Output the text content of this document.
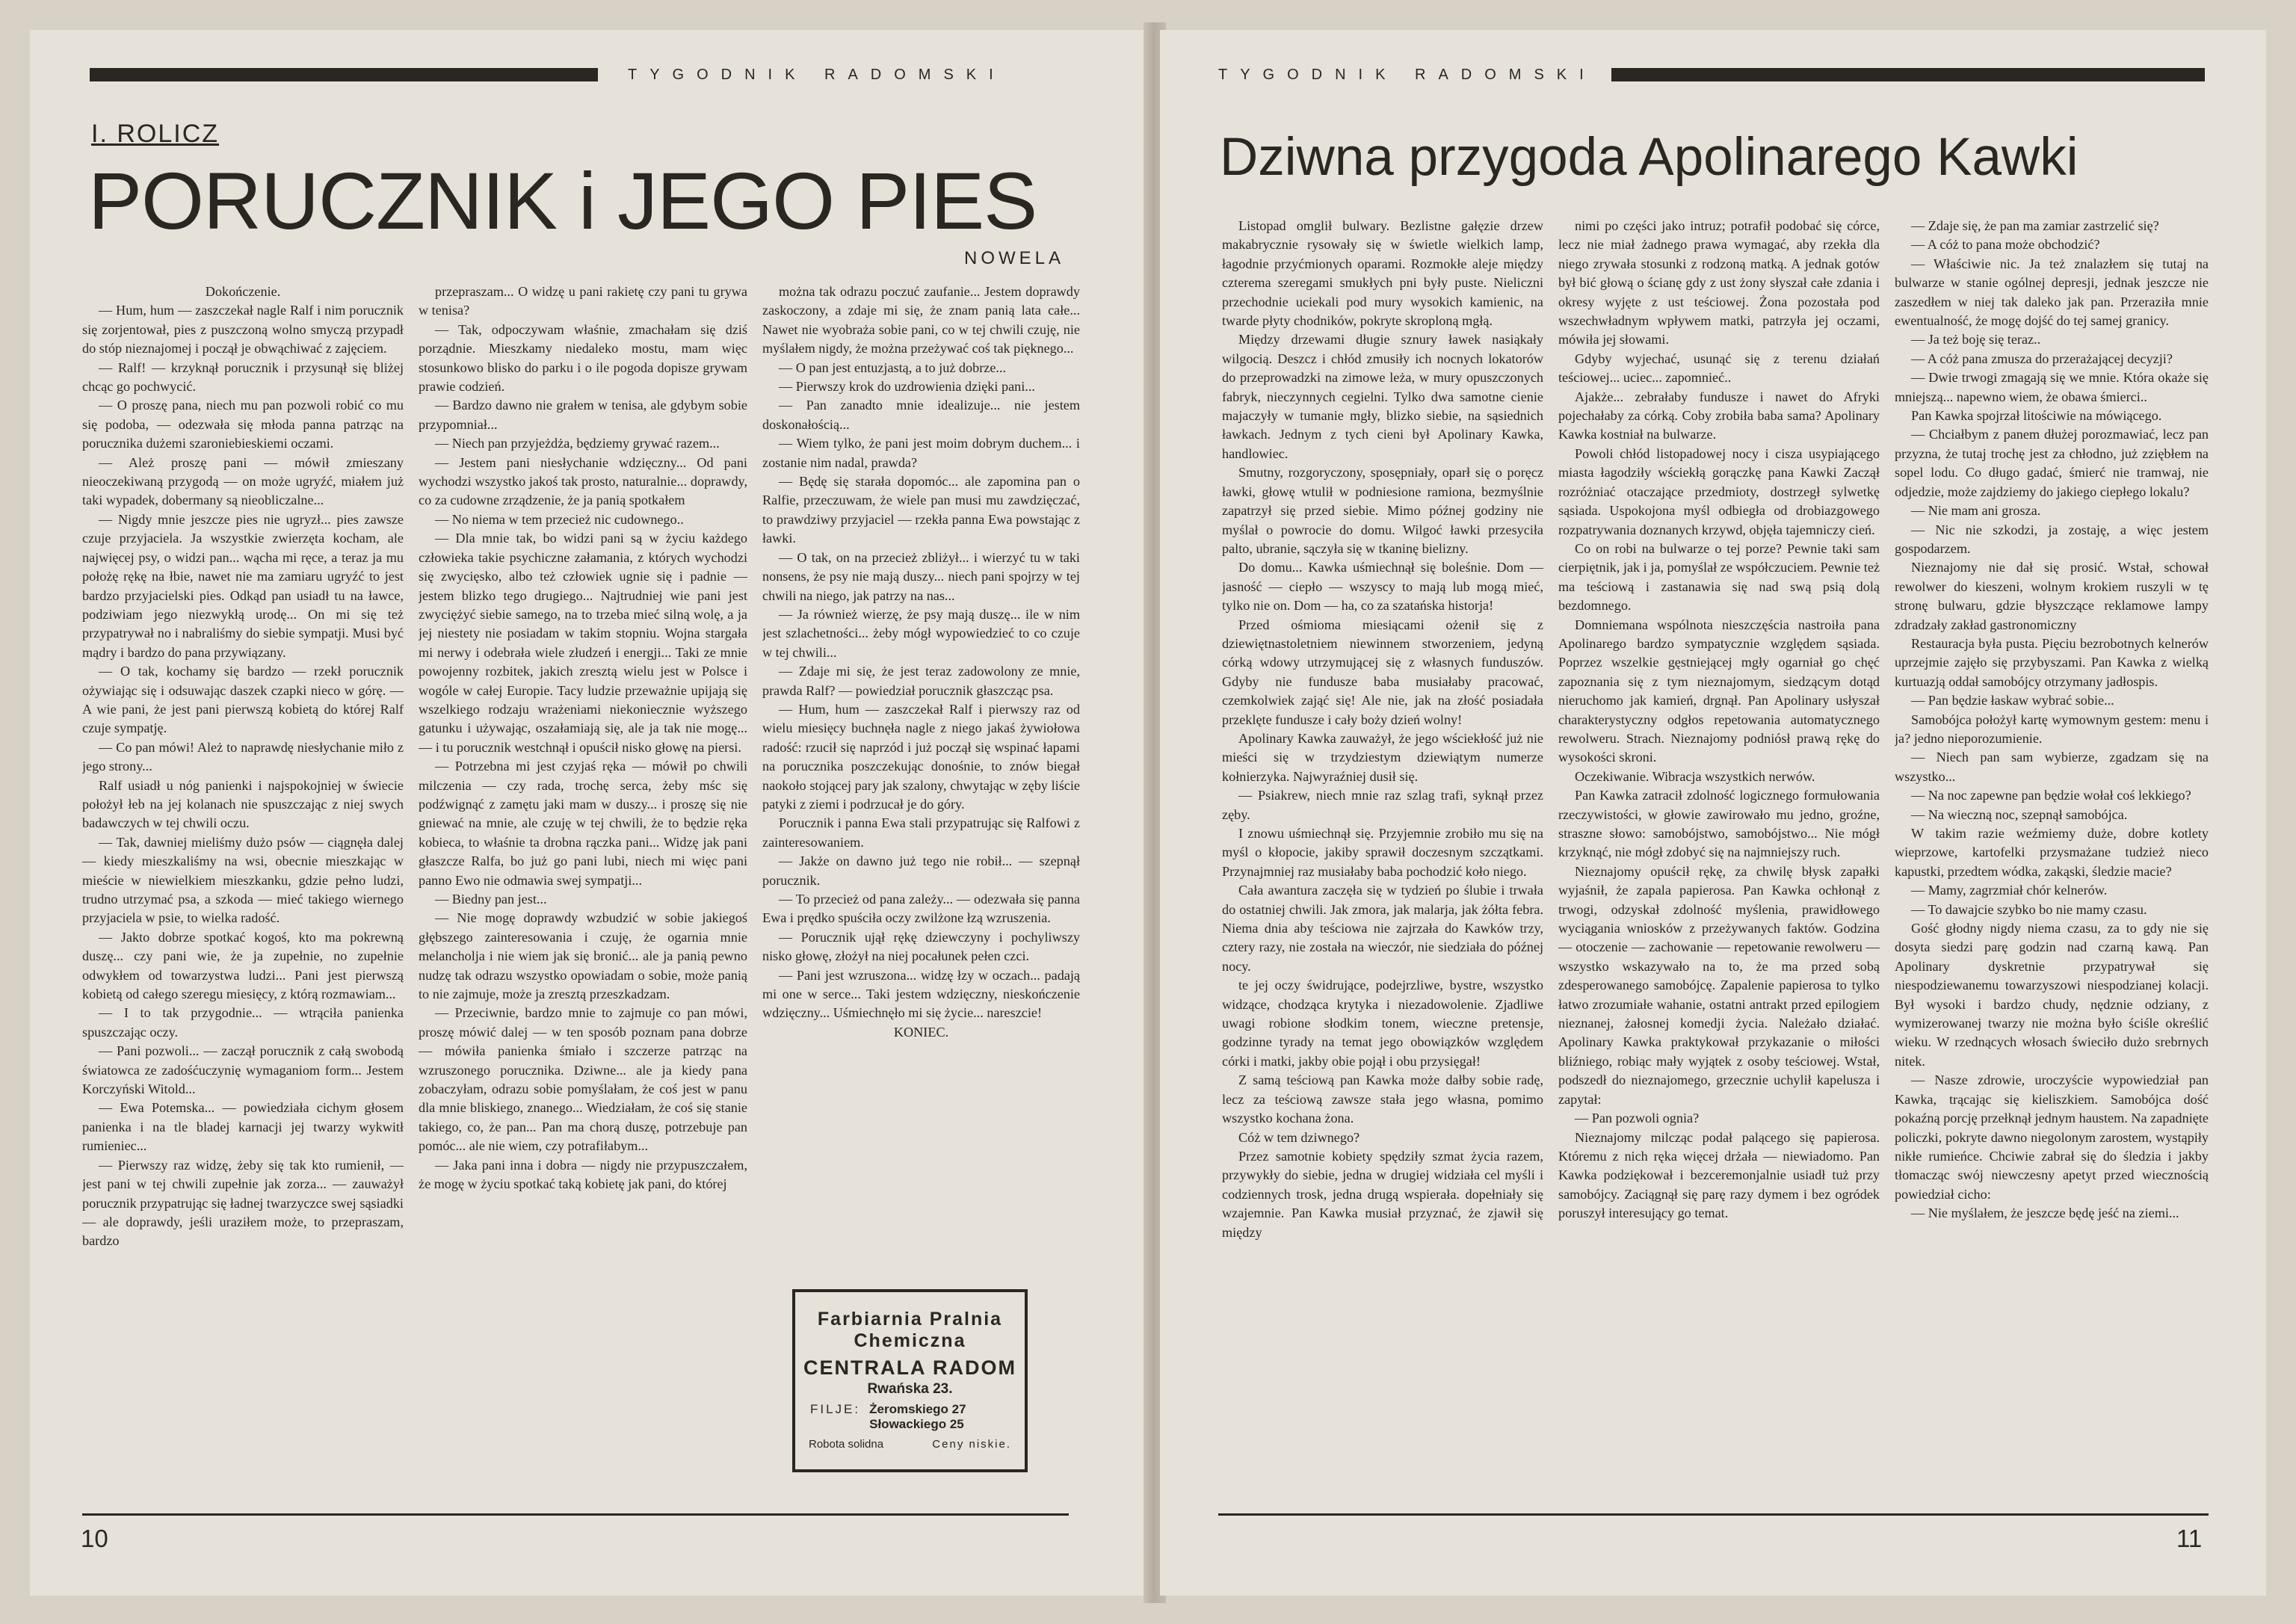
TYGODNIK RADOMSKI	TYGODNIK RADOMSKI
I. ROLICZ
PORUCZNIK i JEGO PIES
NOWELA
Dziwna przygoda Apolinarego Kawki

Dokończenie.

— Hum, hum — zaszczekał nagle Ralf i nim porucznik się zorjentował, pies z puszczoną wolno smyczą przypadł do stóp nieznajomej i począł je obwąchiwać z zajęciem.

— Ralf! — krzyknął porucznik i przysunął się bliżej chcąc go pochwycić.

— O proszę pana, niech mu pan pozwoli robić co mu się podoba, — odezwała się młoda panna patrząc na porucznika dużemi szaroniebieskiemi oczami.

— Ależ proszę pani — mówił zmieszany nieoczekiwaną przygodą — on może ugryźć, miałem już taki wypadek, dobermany są nieobliczalne...

— Nigdy mnie jeszcze pies nie ugryzł... pies zawsze czuje przyjaciela. Ja wszystkie zwierzęta kocham, ale najwięcej psy, o widzi pan... wącha mi ręce, a teraz ja mu położę rękę na łbie, nawet nie ma zamiaru ugryźć to jest bardzo przyjacielski pies. Odkąd pan usiadł tu na ławce, podziwiam jego niezwykłą urodę... On mi się też przypatrywał no i nabraliśmy do siebie sympatji. Musi być mądry i bardzo do pana przywiązany.

— O tak, kochamy się bardzo — rzekł porucznik ożywiając się i odsuwając daszek czapki nieco w górę. — A wie pani, że jest pani pierwszą kobietą do której Ralf czuje sympatję.

— Co pan mówi! Ależ to naprawdę niesłychanie miło z jego strony...

Ralf usiadł u nóg panienki i najspokojniej w świecie położył łeb na jej kolanach nie spuszczając z niej swych badawczych w tej chwili oczu.

— Tak, dawniej mieliśmy dużo psów — ciągnęła dalej — kiedy mieszkaliśmy na wsi, obecnie mieszkając w mieście w niewielkiem mieszkanku, gdzie pełno ludzi, trudno utrzymać psa, a szkoda — mieć takiego wiernego przyjaciela w psie, to wielka radość.

— Jakto dobrze spotkać kogoś, kto ma pokrewną duszę... czy pani wie, że ja zupełnie, no zupełnie odwykłem od towarzystwa ludzi... Pani jest pierwszą kobietą od całego szeregu miesięcy, z którą rozmawiam...

— I to tak przygodnie... — wtrąciła panienka spuszczając oczy.

— Pani pozwoli... — zaczął porucznik z całą swobodą światowca ze zadośćuczynię wymaganiom form... Jestem Korczyński Witold...

— Ewa Potemska... — powiedziała cichym głosem panienka i na tle bladej karnacji jej twarzy wykwitł rumieniec...

— Pierwszy raz widzę, żeby się tak kto rumienił, — jest pani w tej chwili zupełnie jak zorza... — zauważył porucznik przypatrując się ładnej twarzyczce swej sąsiadki — ale doprawdy, jeśli uraziłem może, to przepraszam, bardzo

przepraszam... O widzę u pani rakietę czy pani tu grywa w tenisa?

— Tak, odpoczywam właśnie, zmachałam się dziś porządnie. Mieszkamy niedaleko mostu, mam więc stosunkowo blisko do parku i o ile pogoda dopisze grywam prawie codzień.

— Bardzo dawno nie grałem w tenisa, ale gdybym sobie przypomniał...

— Niech pan przyjeżdża, będziemy grywać razem...

— Jestem pani niesłychanie wdzięczny... Od pani wychodzi wszystko jakoś tak prosto, naturalnie... doprawdy, co za cudowne zrządzenie, że ja panią spotkałem

— No niema w tem przecież nic cudownego..

— Dla mnie tak, bo widzi pani są w życiu każdego człowieka takie psychiczne załamania, z których wychodzi się zwycięsko, albo też człowiek ugnie się i padnie — jestem blizko tego drugiego... Najtrudniej wie pani jest zwyciężyć siebie samego, na to trzeba mieć silną wolę, a ja jej niestety nie posiadam w takim stopniu. Wojna stargała mi nerwy i odebrała wiele złudzeń i energji... Taki ze mnie powojenny rozbitek, jakich zresztą wielu jest w Polsce i wogóle w całej Europie. Tacy ludzie przeważnie upijają się wszelkiego rodzaju wrażeniami niekoniecznie wyższego gatunku i używając, oszałamiają się, ale ja tak nie mogę... — i tu porucznik westchnął i opuścił nisko głowę na piersi.

— Potrzebna mi jest czyjaś ręka — mówił po chwili milczenia — czy rada, trochę serca, żeby mśc się podźwignąć z zamętu jaki mam w duszy... i proszę się nie gniewać na mnie, ale czuję w tej chwili, że to będzie ręka kobieca, to właśnie ta drobna rączka pani... Widzę jak pani głaszcze Ralfa, bo już go pani lubi, niech mi więc pani panno Ewo nie odmawia swej sympatji...

— Biedny pan jest...

— Nie mogę doprawdy wzbudzić w sobie jakiegoś głębszego zainteresowania i czuję, że ogarnia mnie melancholja i nie wiem jak się bronić... ale ja panią pewno nudzę tak odrazu wszystko opowiadam o sobie, może panią to nie zajmuje, może ja zresztą przeszkadzam.

— Przeciwnie, bardzo mnie to zajmuje co pan mówi, proszę mówić dalej — w ten sposób poznam pana dobrze — mówiła panienka śmiało i szczerze patrząc na wzruszonego porucznika. Dziwne... ale ja kiedy pana zobaczyłam, odrazu sobie pomyślałam, że coś jest w panu dla mnie bliskiego, znanego... Wiedziałam, że coś się stanie takiego, co, że pan... Pan ma chorą duszę, potrzebuje pan pomóc... ale nie wiem, czy potrafiłabym...

— Jaka pani inna i dobra — nigdy nie przypuszczałem, że mogę w życiu spotkać taką kobietę jak pani, do której

można tak odrazu poczuć zaufanie... Jestem doprawdy zaskoczony, a zdaje mi się, że znam panią lata całe... Nawet nie wyobraża sobie pani, co w tej chwili czuję, nie myślałem nigdy, że można przeżywać coś tak pięknego...

— O pan jest entuzjastą, a to już dobrze...

— Pierwszy krok do uzdrowienia dzięki pani...

— Pan zanadto mnie idealizuje... nie jestem doskonałością...

— Wiem tylko, że pani jest moim dobrym duchem... i zostanie nim nadal, prawda?

— Będę się starała dopomóc... ale zapomina pan o Ralfie, przeczuwam, że wiele pan musi mu zawdzięczać, to prawdziwy przyjaciel — rzekła panna Ewa powstając z ławki.

— O tak, on na przecież zbliżył... i wierzyć tu w taki nonsens, że psy nie mają duszy... niech pani spojrzy w tej chwili na niego, jak patrzy na nas...

— Ja również wierzę, że psy mają duszę... ile w nim jest szlachetności... żeby mógł wypowiedzieć to co czuje w tej chwili...

— Zdaje mi się, że jest teraz zadowolony ze mnie, prawda Ralf? — powiedział porucznik głaszcząc psa.

— Hum, hum — zaszczekał Ralf i pierwszy raz od wielu miesięcy buchnęła nagle z niego jakaś żywiołowa radość: rzucił się naprzód i już począł się wspinać łapami na porucznika poszczekując donośnie, to znów biegał naokoło stojącej pary jak szalony, chwytając w zęby liście patyki z ziemi i podrzucał je do góry.

Porucznik i panna Ewa stali przypatrując się Ralfowi z zainteresowaniem.

— Jakże on dawno już tego nie robił... — szepnął porucznik.

— To przecież od pana zależy... — odezwała się panna Ewa i prędko spuściła oczy zwilżone łzą wzruszenia.

— Porucznik ujął rękę dziewczyny i pochyliwszy nisko głowę, złożył na niej pocałunek pełen czci.

— Pani jest wzruszona... widzę łzy w oczach... padają mi one w serce... Taki jestem wdzięczny, nieskończenie wdzięczny... Uśmiechnęło mi się życie... nareszcie!

KONIEC.

Farbiarnia Pralnia
Chemiczna
CENTRALA RADOM
Rwańska 23.
FILJE: Żeromskiego 27
Słowackiego 25
Robota solidna	Ceny niskie.

Listopad omglił bulwary. Bezlistne gałęzie drzew makabrycznie rysowały się w świetle wielkich lamp, łagodnie przyćmionych oparami. Rozmokłe aleje między czterema szeregami smukłych pni były puste. Nieliczni przechodnie uciekali pod mury wysokich kamienic, na twarde płyty chodników, pokryte skroploną mgłą.

Między drzewami długie sznury ławek nasiąkały wilgocią. Deszcz i chłód zmusiły ich nocnych lokatorów do przeprowadzki na zimowe leża, w mury opuszczonych fabryk, nieczynnych cegielni. Tylko dwa samotne cienie majaczyły w tumanie mgły, blizko siebie, na sąsiednich ławkach. Jednym z tych cieni był Apolinary Kawka, handlowiec.

Smutny, rozgoryczony, sposępniały, oparł się o poręcz ławki, głowę wtulił w podniesione ramiona, bezmyślnie zapatrzył się przed siebie. Mimo późnej godziny nie myślał o powrocie do domu. Wilgoć ławki przesyciła palto, ubranie, sączyła się w tkaninę bielizny.

Do domu... Kawka uśmiechnął się boleśnie. Dom — jasność — ciepło — wszyscy to mają lub mogą mieć, tylko nie on. Dom — ha, co za szatańska historja!

Przed ośmioma miesiącami ożenił się z dziewiętnastoletniem niewinnem stworzeniem, jedyną córką wdowy utrzymującej się z własnych funduszów. Gdyby nie fundusze baba musiałaby pracować, czemkolwiek zająć się! Ale nie, jak na złość posiadała przeklęte fundusze i cały boży dzień wolny!

Apolinary Kawka zauważył, że jego wściekłość już nie mieści się w trzydziestym dziewiątym numerze kołnierzyka. Najwyraźniej dusił się.

— Psiakrew, niech mnie raz szlag trafi, syknął przez zęby.

I znowu uśmiechnął się. Przyjemnie zrobiło mu się na myśl o kłopocie, jakiby sprawił doczesnym szczątkami. Przynajmniej raz musiałaby baba pochodzić koło niego.

Cała awantura zaczęła się w tydzień po ślubie i trwała do ostatniej chwili. Jak zmora, jak malarja, jak żółta febra. Niema dnia aby teściowa nie zajrzała do Kawków trzy, cztery razy, nie została na wieczór, nie siedziała do późnej nocy.

te jej oczy świdrujące, podejrzliwe, bystre, wszystko widzące, chodząca krytyka i niezadowolenie. Zjadliwe uwagi robione słodkim tonem, wieczne pretensje, godzinne tyrady na temat jego obowiązków względem córki i matki, jakby obie pojął i obu przysięgał!

Z samą teściową pan Kawka może dałby sobie radę, lecz za teściową zawsze stała jego własna, pomimo wszystko kochana żona.

Cóż w tem dziwnego?

Przez samotnie kobiety spędziły szmat życia razem, przywykły do siebie, jedna w drugiej widziała cel myśli i codziennych trosk, jedna drugą wspierała. dopełniały się wzajemnie. Pan Kawka musiał przyznać, że zjawił się między

nimi po części jako intruz; potrafił podobać się córce, lecz nie miał żadnego prawa wymagać, aby rzekła dla niego zrywała stosunki z rodzoną matką. A jednak gotów był bić głową o ścianę gdy z ust żony słyszał całe zdania i okresy wyjęte z ust teściowej. Żona pozostała pod wszechwładnym wpływem matki, patrzyła jej oczami, mówiła jej słowami.

Gdyby wyjechać, usunąć się z terenu działań teściowej... uciec... zapomnieć..

Ajakże... zebrałaby fundusze i nawet do Afryki pojechałaby za córką. Coby zrobiła baba sama? Apolinary Kawka kostniał na bulwarze.

Powoli chłód listopadowej nocy i cisza usypiającego miasta łagodziły wściekłą gorączkę pana Kawki Zaczął rozróżniać otaczające przedmioty, dostrzegł sylwetkę sąsiada. Uspokojona myśl odbiegła od drobiazgowego rozpatrywania doznanych krzywd, objęła tajemniczy cień.

Co on robi na bulwarze o tej porze? Pewnie taki sam cierpiętnik, jak i ja, pomyślał ze współczuciem. Pewnie też ma teściową i zastanawia się nad swą psią dolą bezdomnego.

Domniemana wspólnota nieszczęścia nastroiła pana Apolinarego bardzo sympatycznie względem sąsiada. Poprzez wszelkie gęstniejącej mgły ogarniał go chęć zapoznania się z tym nieznajomym, siedzącym dotąd nieruchomo jak kamień, drgnął. Pan Apolinary usłyszał charakterystyczny odgłos repetowania automatycznego rewolweru. Strach. Nieznajomy podniósł prawą rękę do wysokości skroni.

Oczekiwanie. Wibracja wszystkich nerwów.

Pan Kawka zatracił zdolność logicznego formułowania rzeczywistości, w głowie zawirowało mu jedno, groźne, straszne słowo: samobójstwo, samobójstwo... Nie mógł krzyknąć, nie mógł zdobyć się na najmniejszy ruch.

Nieznajomy opuścił rękę, za chwilę błysk zapałki wyjaśnił, że zapala papierosa. Pan Kawka ochłonął z trwogi, odzyskał zdolność myślenia, prawidłowego wyciągania wniosków z przeżywanych faktów. Godzina — otoczenie — zachowanie — repetowanie rewolweru — wszystko wskazywało na to, że ma przed sobą zdesperowanego samobójcę. Zapalenie papierosa to tylko łatwo zrozumiałe wahanie, ostatni antrakt przed epilogiem nieznanej, żałosnej komedji życia. Należało działać. Apolinary Kawka praktykował przykazanie o miłości bliźniego, robiąc mały wyjątek z osoby teściowej. Wstał, podszedł do nieznajomego, grzecznie uchylił kapelusza i zapytał:

— Pan pozwoli ognia?

Nieznajomy milcząc podał palącego się papierosa. Któremu z nich ręka więcej drżała — niewiadomo. Pan Kawka podziękował i bezceremonjalnie usiadł tuż przy samobójcy. Zaciągnął się parę razy dymem i bez ogródek poruszył interesujący go temat.

— Zdaje się, że pan ma zamiar zastrzelić się?

— A cóż to pana może obchodzić?

— Właściwie nic. Ja też znalazłem się tutaj na bulwarze w stanie ogólnej depresji, jednak jeszcze nie zaszedłem w niej tak daleko jak pan. Przeraziła mnie ewentualność, że mogę dojść do tej samej granicy.

— Ja też boję się teraz..

— A cóż pana zmusza do przerażającej decyzji?

— Dwie trwogi zmagają się we mnie. Która okaże się mniejszą... napewno wiem, że obawa śmierci..

Pan Kawka spojrzał litościwie na mówiącego.

— Chciałbym z panem dłużej porozmawiać, lecz pan przyzna, że tutaj trochę jest za chłodno, już zziębłem na sopel lodu. Co długo gadać, śmierć nie tramwaj, nie odjedzie, może zajdziemy do jakiego ciepłego lokalu?

— Nie mam ani grosza.

— Nic nie szkodzi, ja zostaję, a więc jestem gospodarzem.

Nieznajomy nie dał się prosić. Wstał, schował rewolwer do kieszeni, wolnym krokiem ruszyli w tę stronę bulwaru, gdzie błyszczące reklamowe lampy zdradzały zakład gastronomiczny

Restauracja była pusta. Pięciu bezrobotnych kelnerów uprzejmie zajęło się przybyszami. Pan Kawka z wielką kurtuazją oddał samobójcy otrzymany jadłospis.

— Pan będzie łaskaw wybrać sobie...

Samobójca położył kartę wymownym gestem: menu i ja? jedno nieporozumienie.

— Niech pan sam wybierze, zgadzam się na wszystko...

— Na noc zapewne pan będzie wołał coś lekkiego?

— Na wieczną noc, szepnął samobójca.

W takim razie weźmiemy duże, dobre kotlety wieprzowe, kartofelki przysmażane tudzież nieco kapustki, przedtem wódka, zakąski, śledzie macie?

— Mamy, zagrzmiał chór kelnerów.

— To dawajcie szybko bo nie mamy czasu.

Gość głodny nigdy niema czasu, za to gdy nie się dosyta siedzi parę godzin nad czarną kawą. Pan Apolinary dyskretnie przypatrywał się niespodziewanemu towarzyszowi niespodzianej kolacji. Był wysoki i bardzo chudy, nędznie odziany, z wymizerowanej twarzy nie można było ściśle określić wieku. W rzednących włosach świeciło dużo srebrnych nitek.

— Nasze zdrowie, uroczyście wypowiedział pan Kawka, trącając się kieliszkiem. Samobójca dość pokaźną porcję przełknął jednym haustem. Na zapadnięte policzki, pokryte dawno niegolonym zarostem, wystąpiły nikłe rumieńce. Chciwie zabrał się do śledzia i jakby tłomacząc swój niewczesny apetyt przed wiecznością powiedział cicho:

— Nie myślałem, że jeszcze będę jeść na ziemi...

10	11
